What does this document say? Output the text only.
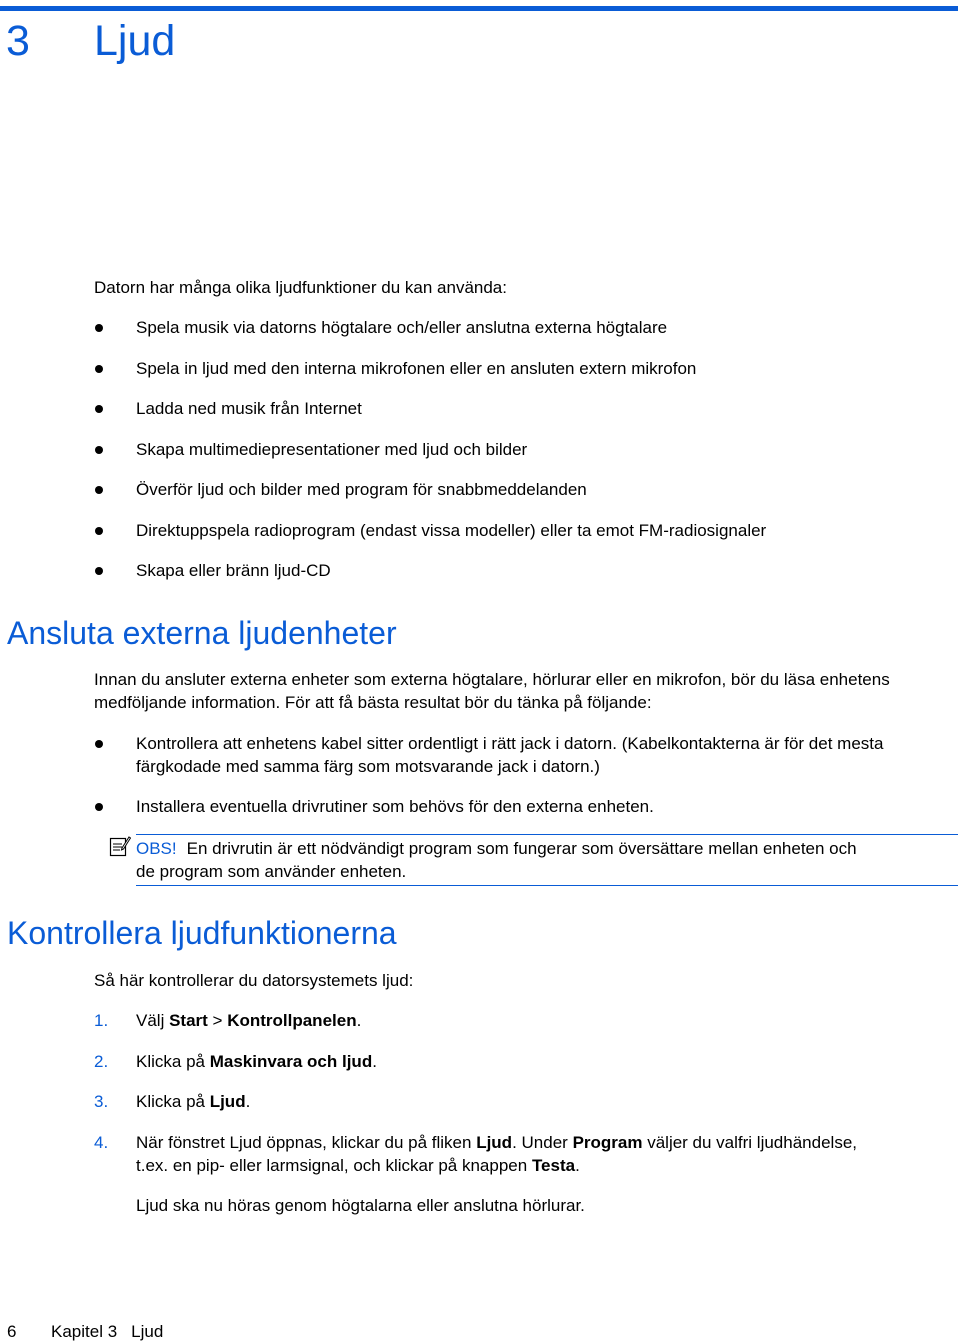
3 Ljud

Datorn har många olika ljudfunktioner du kan använda:

Spela musik via datorns högtalare och/eller anslutna externa högtalare
Spela in ljud med den interna mikrofonen eller en ansluten extern mikrofon
Ladda ned musik från Internet
Skapa multimediepresentationer med ljud och bilder
Överför ljud och bilder med program för snabbmeddelanden
Direktuppspela radioprogram (endast vissa modeller) eller ta emot FM-radiosignaler
Skapa eller bränn ljud-CD
Ansluta externa ljudenheter

Innan du ansluter externa enheter som externa högtalare, hörlurar eller en mikrofon, bör du läsa enhetens medföljande information. För att få bästa resultat bör du tänka på följande:

Kontrollera att enhetens kabel sitter ordentligt i rätt jack i datorn. (Kabelkontakterna är för det mesta
färgkodade med samma färg som motsvarande jack i datorn.)
Installera eventuella drivrutiner som behövs för den externa enheten.
OBS! En drivrutin är ett nödvändigt program som fungerar som översättare mellan enheten och
de program som använder enheten.
Kontrollera ljudfunktionerna

Så här kontrollerar du datorsystemets ljud:

1. Välj Start > Kontrollpanelen.
2. Klicka på Maskinvara och ljud.
3. Klicka på Ljud.
4. När fönstret Ljud öppnas, klickar du på fliken Ljud. Under Program väljer du valfri ljudhändelse,
t.ex. en pip- eller larmsignal, och klickar på knappen Testa.

Ljud ska nu höras genom högtalarna eller anslutna hörlurar.

6 Kapitel 3 Ljud
